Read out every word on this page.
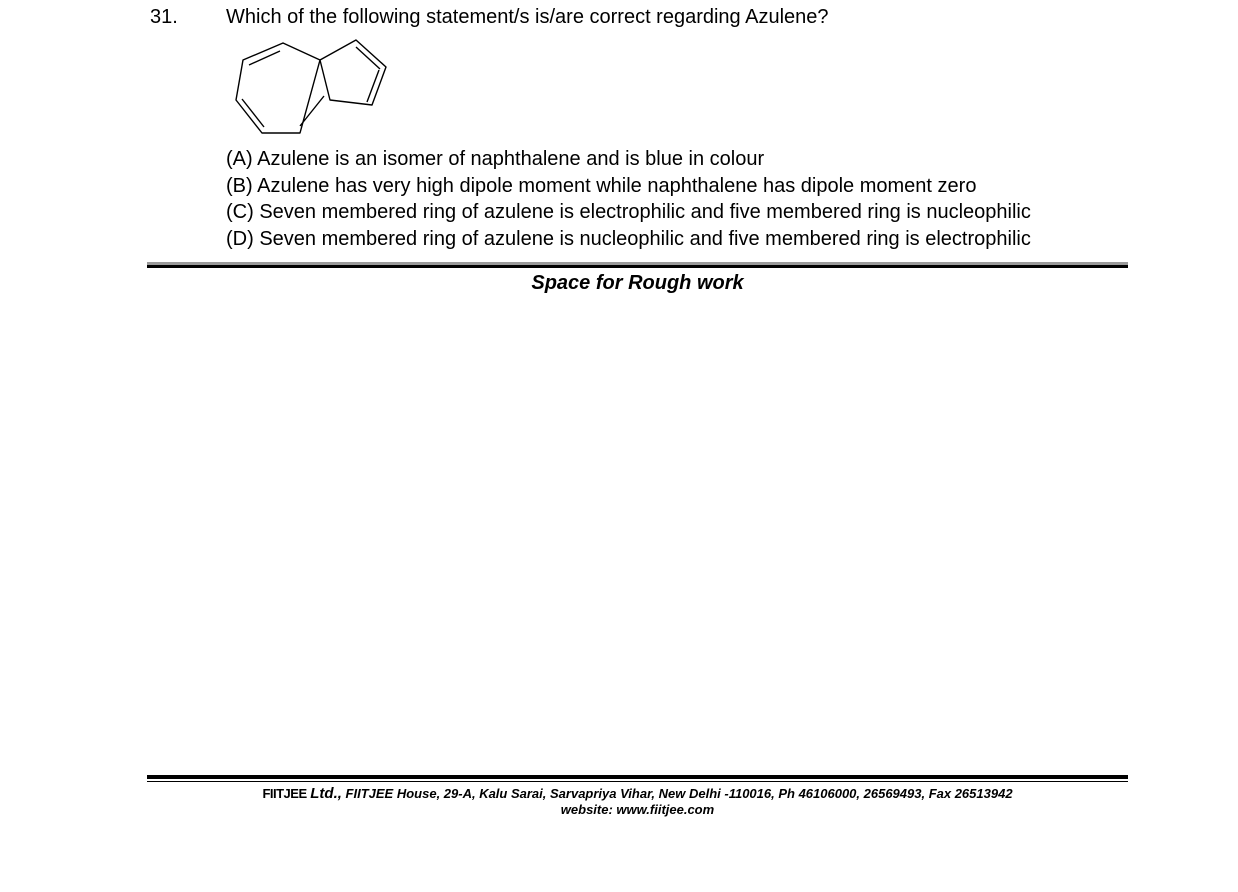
31. Which of the following statement/s is/are correct regarding Azulene?
(A) Azulene is an isomer of naphthalene and is blue in colour
(B) Azulene has very high dipole moment while naphthalene has dipole moment zero
(C) Seven membered ring of azulene is electrophilic and five membered ring is nucleophilic
(D) Seven membered ring of azulene is nucleophilic and five membered ring is electrophilic
Space for Rough work
FIITJEE Ltd., FIITJEE House, 29-A, Kalu Sarai, Sarvapriya Vihar, New Delhi -110016, Ph 46106000, 26569493, Fax 26513942
website: www.fiitjee.com
